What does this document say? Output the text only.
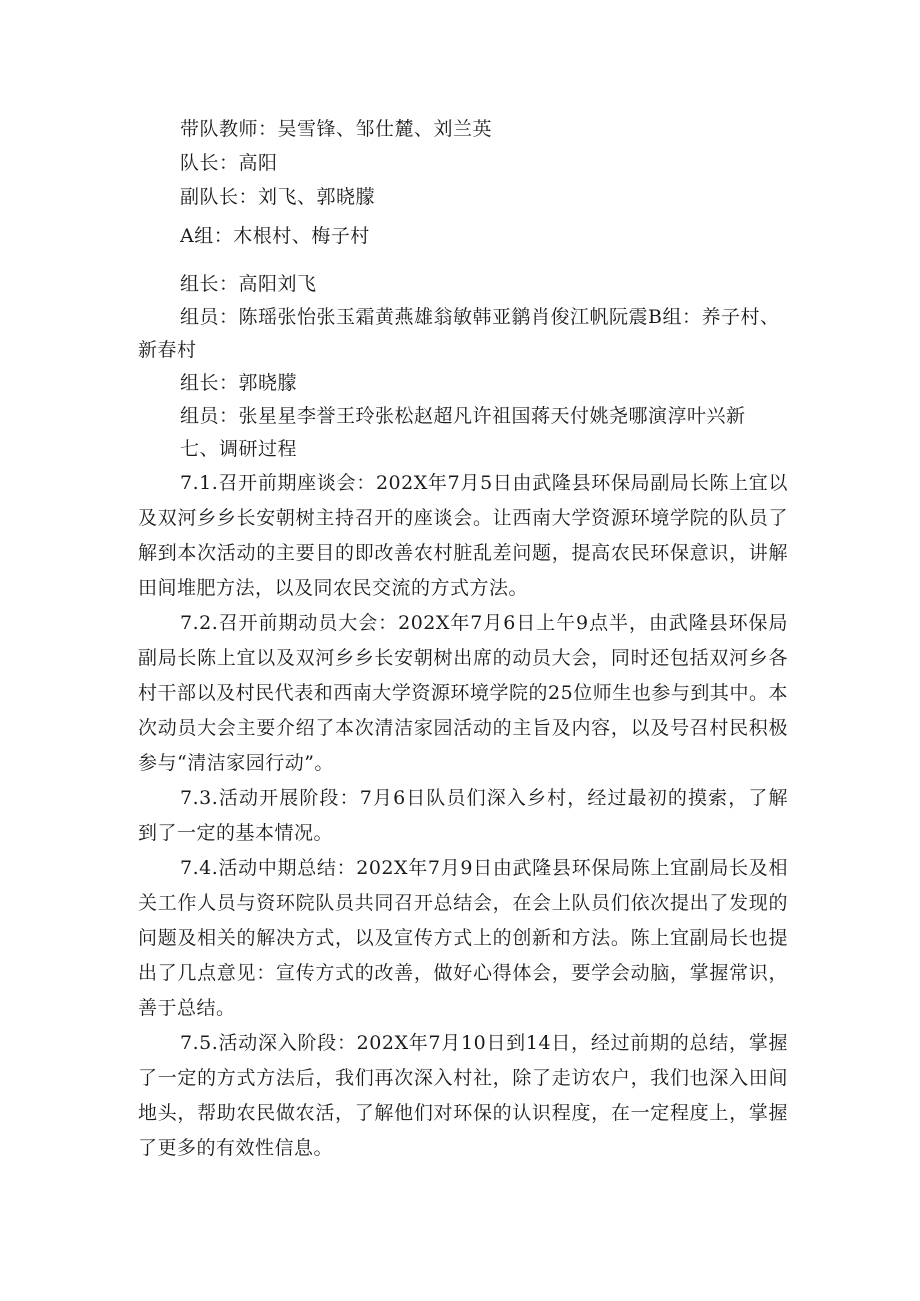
带队教师：吴雪锋、邹仕麓、刘兰英
队长：高阳
副队长：刘飞、郭晓朦
A组：木根村、梅子村
组长：高阳刘飞
组员：陈瑶张怡张玉霜黄燕雄翁敏韩亚鹟肖俊江帆阮震B组：养子村、
新春村
组长：郭晓朦
组员：张星星李誉王玲张松赵超凡许祖国蒋天付姚尧哪演淳叶兴新
七、调研过程
7.1.召开前期座谈会：202X年7月5日由武隆县环保局副局长陈上宜以及双河乡乡长安朝树主持召开的座谈会。让西南大学资源环境学院的队员了解到本次活动的主要目的即改善农村脏乱差问题，提高农民环保意识，讲解田间堆肥方法，以及同农民交流的方式方法。
7.2.召开前期动员大会：202X年7月6日上午9点半，由武隆县环保局副局长陈上宜以及双河乡乡长安朝树出席的动员大会，同时还包括双河乡各村干部以及村民代表和西南大学资源环境学院的25位师生也参与到其中。本次动员大会主要介绍了本次清洁家园活动的主旨及内容，以及号召村民积极参与“清洁家园行动”。
7.3.活动开展阶段：7月6日队员们深入乡村，经过最初的摸索，了解到了一定的基本情况。
7.4.活动中期总结：202X年7月9日由武隆县环保局陈上宜副局长及相关工作人员与资环院队员共同召开总结会，在会上队员们依次提出了发现的问题及相关的解决方式，以及宣传方式上的创新和方法。陈上宜副局长也提出了几点意见：宣传方式的改善，做好心得体会，要学会动脑，掌握常识，善于总结。
7.5.活动深入阶段：202X年7月10日到14日，经过前期的总结，掌握了一定的方式方法后，我们再次深入村社，除了走访农户，我们也深入田间地头，帮助农民做农活，了解他们对环保的认识程度，在一定程度上，掌握了更多的有效性信息。
